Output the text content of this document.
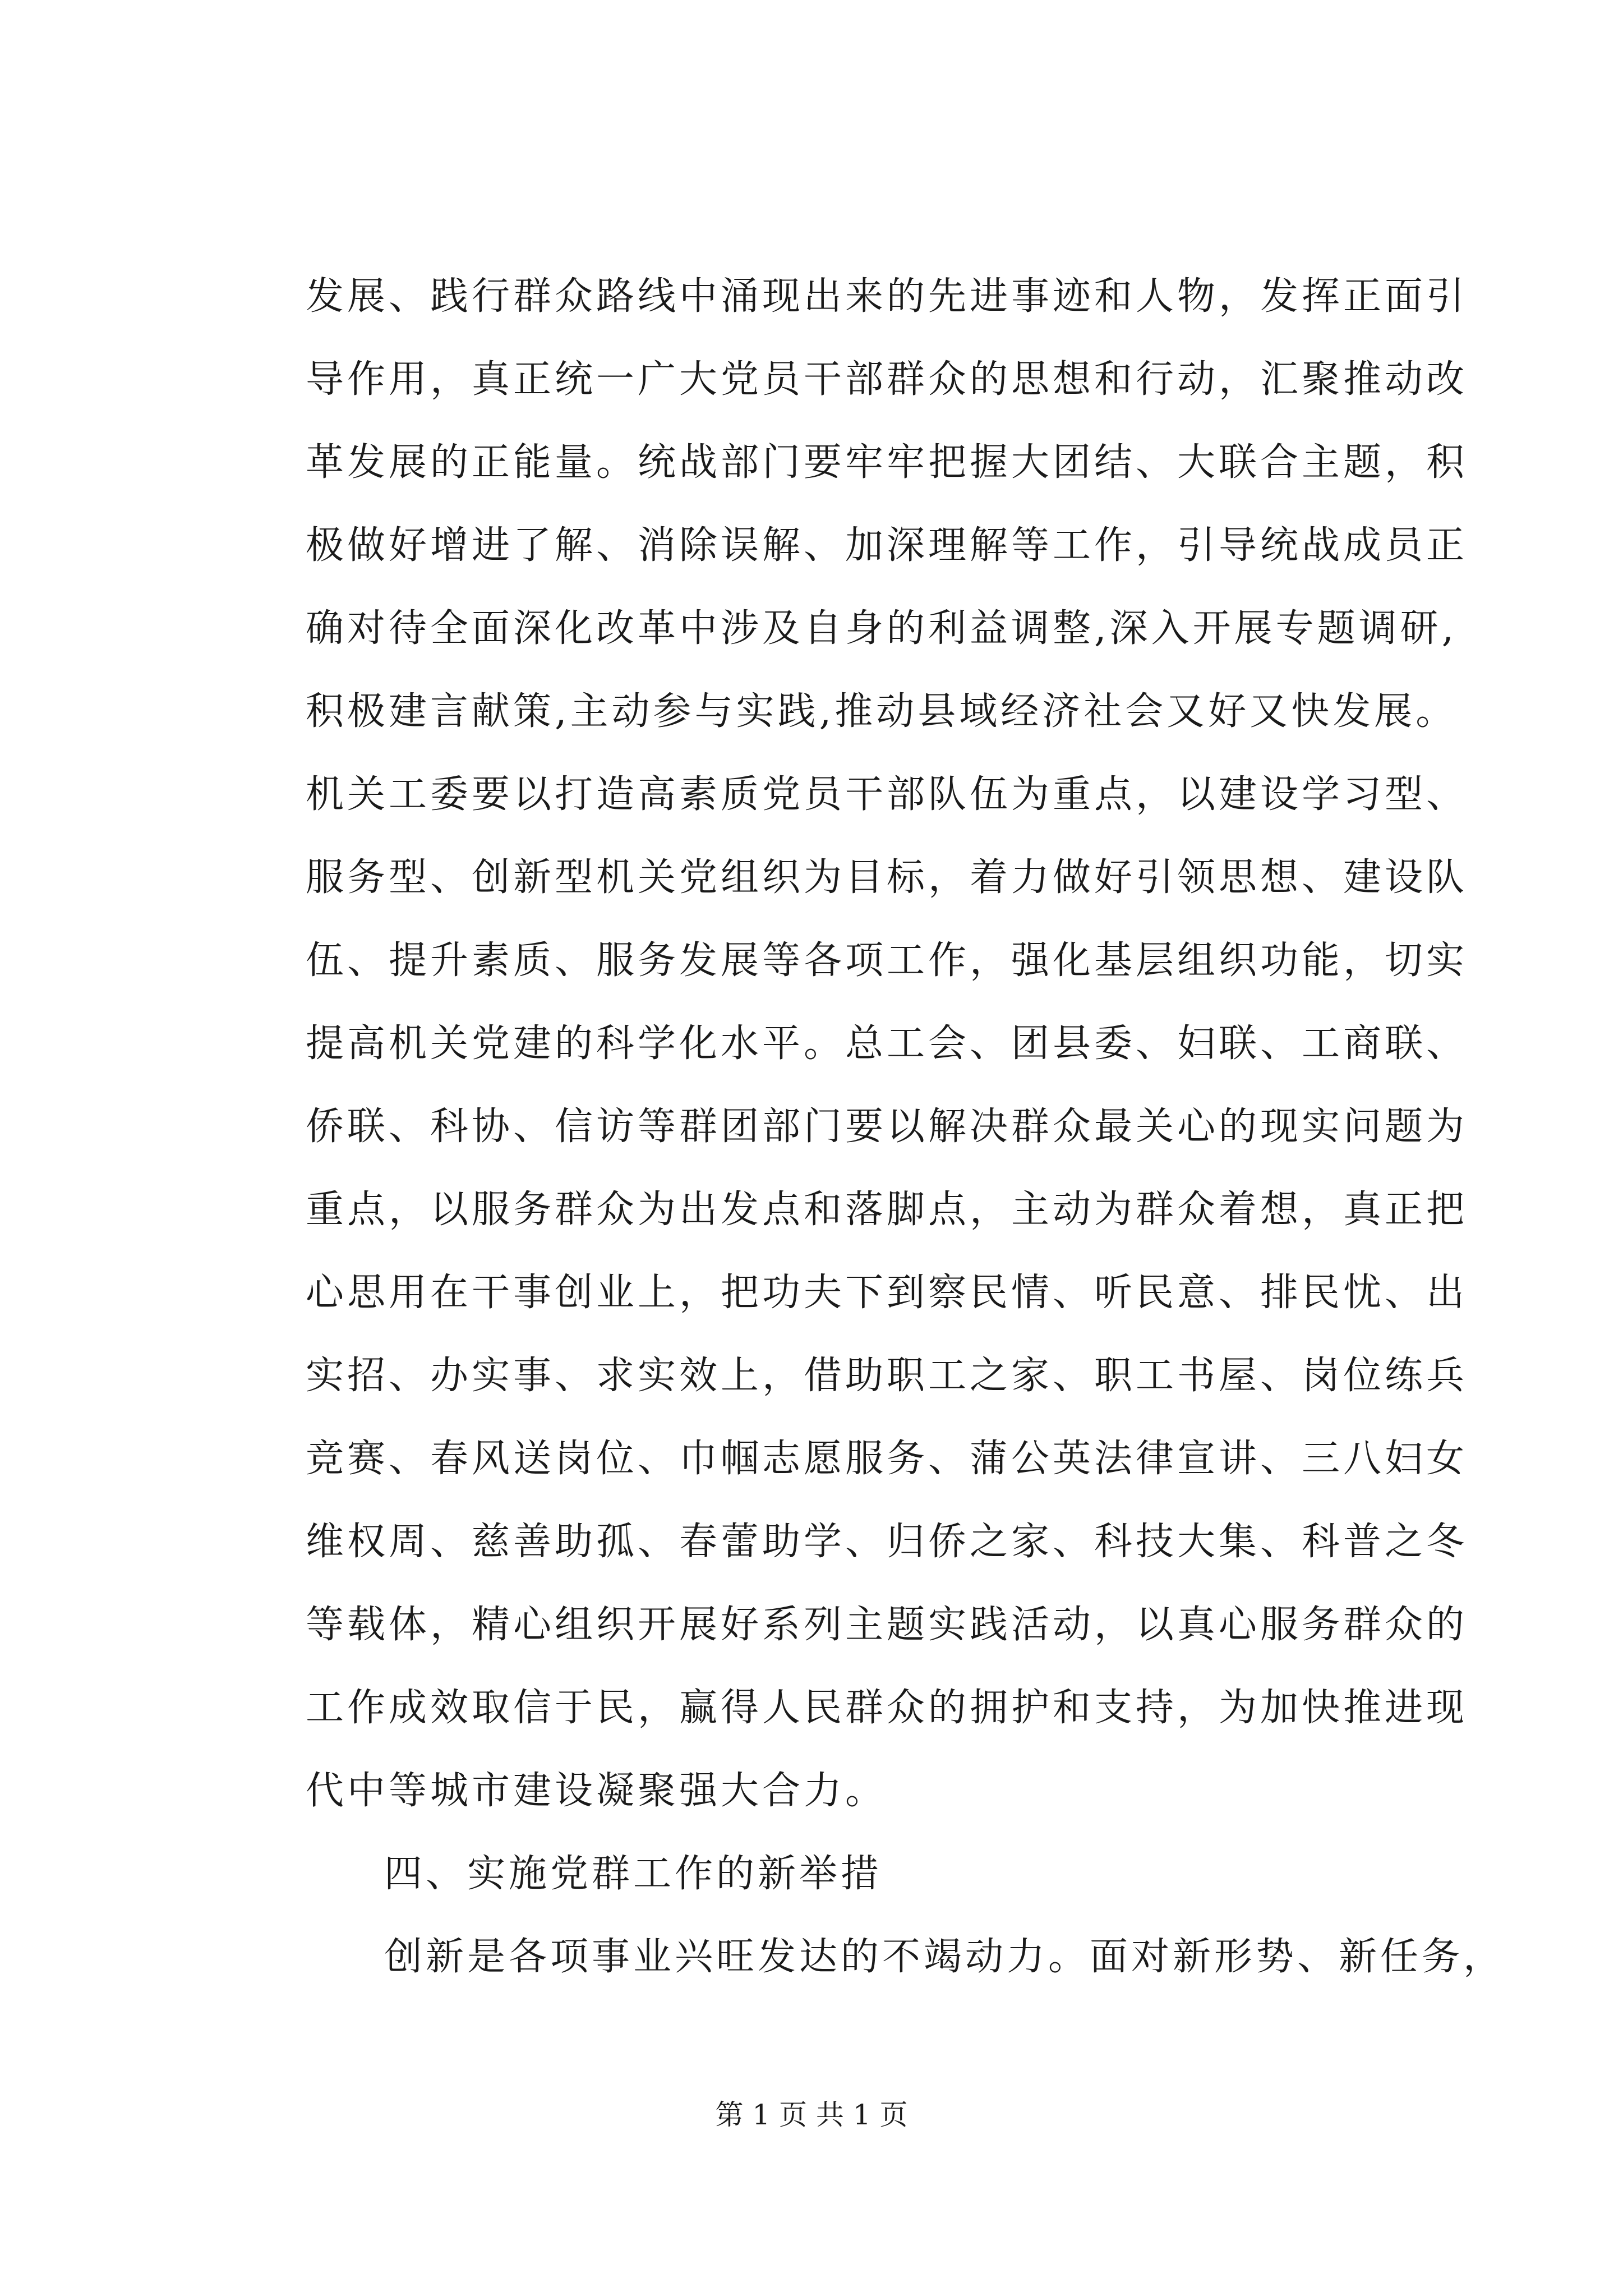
发展、践行群众路线中涌现出来的先进事迹和人物，发挥正面引
导作用，真正统一广大党员干部群众的思想和行动，汇聚推动改
革发展的正能量。统战部门要牢牢把握大团结、大联合主题，积
极做好增进了解、消除误解、加深理解等工作，引导统战成员正
确对待全面深化改革中涉及自身的利益调整,深入开展专题调研,
积极建言献策,主动参与实践,推动县域经济社会又好又快发展。
机关工委要以打造高素质党员干部队伍为重点，以建设学习型、
服务型、创新型机关党组织为目标，着力做好引领思想、建设队
伍、提升素质、服务发展等各项工作，强化基层组织功能，切实
提高机关党建的科学化水平。总工会、团县委、妇联、工商联、
侨联、科协、信访等群团部门要以解决群众最关心的现实问题为
重点，以服务群众为出发点和落脚点，主动为群众着想，真正把
心思用在干事创业上，把功夫下到察民情、听民意、排民忧、出
实招、办实事、求实效上，借助职工之家、职工书屋、岗位练兵
竞赛、春风送岗位、巾帼志愿服务、蒲公英法律宣讲、三八妇女
维权周、慈善助孤、春蕾助学、归侨之家、科技大集、科普之冬
等载体，精心组织开展好系列主题实践活动，以真心服务群众的
工作成效取信于民，赢得人民群众的拥护和支持，为加快推进现
代中等城市建设凝聚强大合力。
四、实施党群工作的新举措
创新是各项事业兴旺发达的不竭动力。面对新形势、新任务，
第 1 页 共 1 页
